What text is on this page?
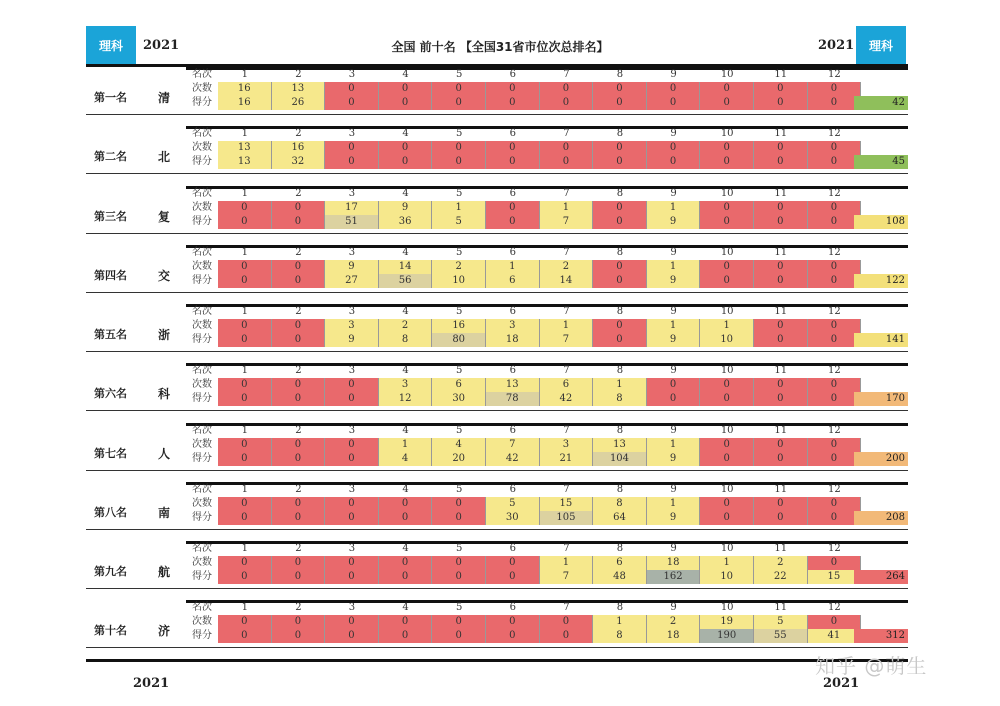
理科	2021	全国 前十名 【全国31省市位次总排名】	2021	理科
第一名	清
名次	1	2	3	4	5	6	7	8	9	10	11	12
次数	16	13	0	0	0	0	0	0	0	0	0	0
得分	16	26	0	0	0	0	0	0	0	0	0	0	42
第二名	北
名次	1	2	3	4	5	6	7	8	9	10	11	12
次数	13	16	0	0	0	0	0	0	0	0	0	0
得分	13	32	0	0	0	0	0	0	0	0	0	0	45
第三名	复
名次	1	2	3	4	5	6	7	8	9	10	11	12
次数	0	0	17	9	1	0	1	0	1	0	0	0
得分	0	0	51	36	5	0	7	0	9	0	0	0	108
第四名	交
名次	1	2	3	4	5	6	7	8	9	10	11	12
次数	0	0	9	14	2	1	2	0	1	0	0	0
得分	0	0	27	56	10	6	14	0	9	0	0	0	122
第五名	浙
名次	1	2	3	4	5	6	7	8	9	10	11	12
次数	0	0	3	2	16	3	1	0	1	1	0	0
得分	0	0	9	8	80	18	7	0	9	10	0	0	141
第六名	科
名次	1	2	3	4	5	6	7	8	9	10	11	12
次数	0	0	0	3	6	13	6	1	0	0	0	0
得分	0	0	0	12	30	78	42	8	0	0	0	0	170
第七名	人
名次	1	2	3	4	5	6	7	8	9	10	11	12
次数	0	0	0	1	4	7	3	13	1	0	0	0
得分	0	0	0	4	20	42	21	104	9	0	0	0	200
第八名	南
名次	1	2	3	4	5	6	7	8	9	10	11	12
次数	0	0	0	0	0	5	15	8	1	0	0	0
得分	0	0	0	0	0	30	105	64	9	0	0	0	208
第九名	航
名次	1	2	3	4	5	6	7	8	9	10	11	12
次数	0	0	0	0	0	0	1	6	18	1	2	0
得分	0	0	0	0	0	0	7	48	162	10	22	15	264
第十名	济
名次	1	2	3	4	5	6	7	8	9	10	11	12
次数	0	0	0	0	0	0	0	1	2	19	5	0
得分	0	0	0	0	0	0	0	8	18	190	55	41	312
2021
知乎 @萌生
2021
